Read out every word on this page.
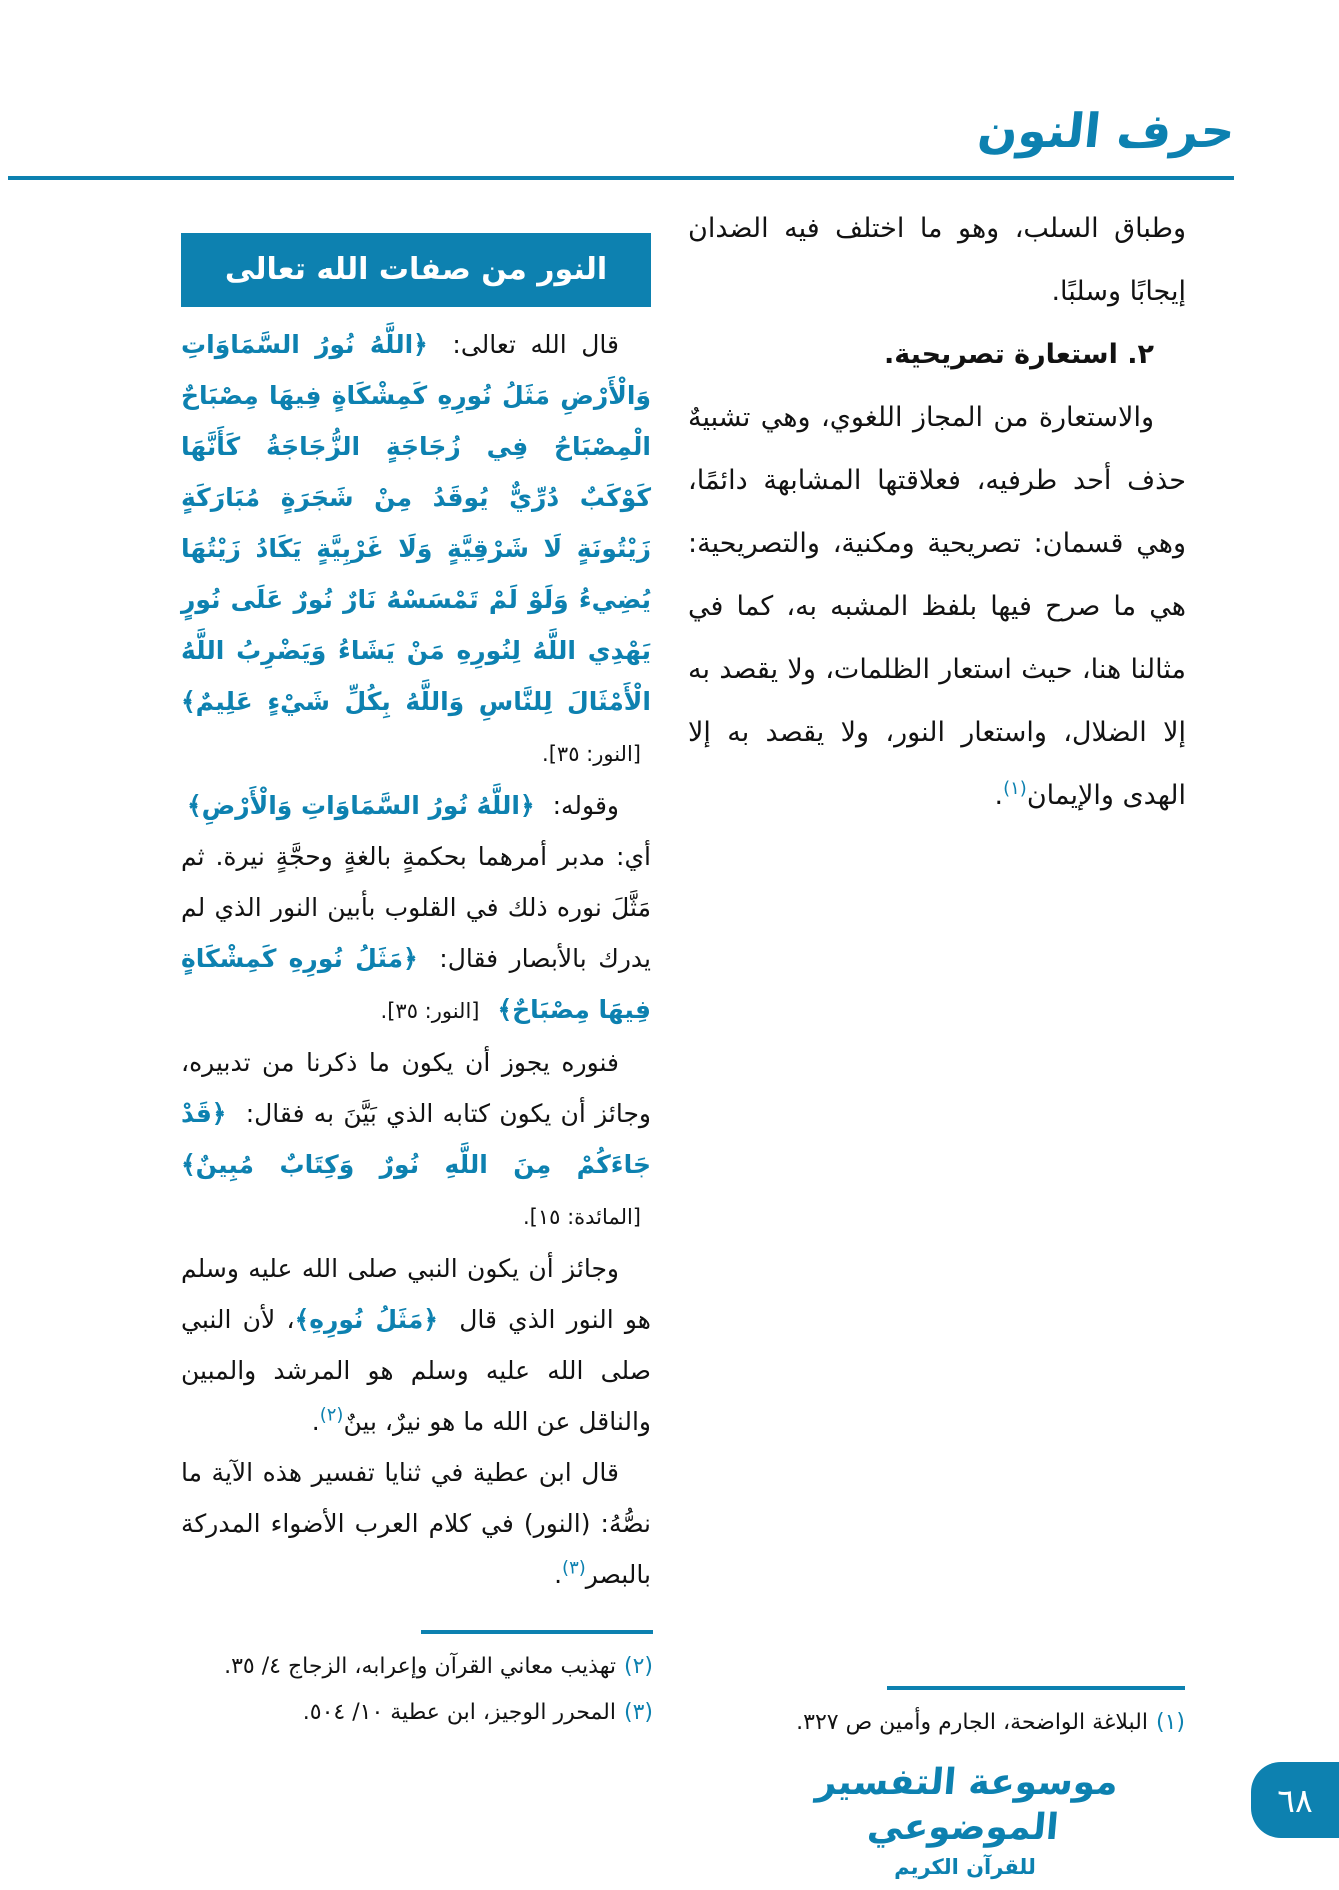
حرف النون

وطباق السلب، وهو ما اختلف فيه الضدان إيجابًا وسلبًا.

٢. استعارة تصريحية.

والاستعارة من المجاز اللغوي، وهي تشبيهٌ حذف أحد طرفيه، فعلاقتها المشابهة دائمًا، وهي قسمان: تصريحية ومكنية، والتصريحية: هي ما صرح فيها بلفظ المشبه به، كما في مثالنا هنا، حيث استعار الظلمات، ولا يقصد به إلا الضلال، واستعار النور، ولا يقصد به إلا الهدى والإيمان$^{(١)}$.

النور من صفات الله تعالى

قال الله تعالى: ﴿اللَّهُ نُورُ السَّمَاوَاتِ وَالْأَرْضِ مَثَلُ نُورِهِ كَمِشْكَاةٍ فِيهَا مِصْبَاحٌ الْمِصْبَاحُ فِي زُجَاجَةٍ الزُّجَاجَةُ كَأَنَّهَا كَوْكَبٌ دُرِّيٌّ يُوقَدُ مِنْ شَجَرَةٍ مُبَارَكَةٍ زَيْتُونَةٍ لَا شَرْقِيَّةٍ وَلَا غَرْبِيَّةٍ يَكَادُ زَيْتُهَا يُضِيءُ وَلَوْ لَمْ تَمْسَسْهُ نَارٌ نُورٌ عَلَى نُورٍ يَهْدِي اللَّهُ لِنُورِهِ مَنْ يَشَاءُ وَيَضْرِبُ اللَّهُ الْأَمْثَالَ لِلنَّاسِ وَاللَّهُ بِكُلِّ شَيْءٍ عَلِيمٌ﴾ [النور: ٣٥].

وقوله: ﴿اللَّهُ نُورُ السَّمَاوَاتِ وَالْأَرْضِ﴾

أي: مدبر أمرهما بحكمةٍ بالغةٍ وحجَّةٍ نيرة. ثم مَثَّلَ نوره ذلك في القلوب بأبين النور الذي لم يدرك بالأبصار فقال: ﴿مَثَلُ نُورِهِ كَمِشْكَاةٍ فِيهَا مِصْبَاحٌ﴾ [النور: ٣٥].

فنوره يجوز أن يكون ما ذكرنا من تدبيره، وجائز أن يكون كتابه الذي بَيَّنَ به فقال: ﴿قَدْ جَاءَكُمْ مِنَ اللَّهِ نُورٌ وَكِتَابٌ مُبِينٌ﴾ [المائدة: ١٥].

وجائز أن يكون النبي صلى الله عليه وسلم هو النور الذي قال ﴿مَثَلُ نُورِهِ﴾، لأن النبي صلى الله عليه وسلم هو المرشد والمبين والناقل عن الله ما هو نيرٌ، بينٌ$^{(٢)}$.

قال ابن عطية في ثنايا تفسير هذه الآية ما نصُّهُ: (النور) في كلام العرب الأضواء المدركة بالبصر$^{(٣)}$.

(٢)تهذيب معاني القرآن وإعرابه، الزجاج ٤/ ٣٥.

(٣)المحرر الوجيز، ابن عطية ١٠/ ٥٠٤.	(١)البلاغة الواضحة، الجارم وأمين ص ٣٢٧.

موسوعة التفسير الموضوعي
للقرآن الكريم
٦٨
